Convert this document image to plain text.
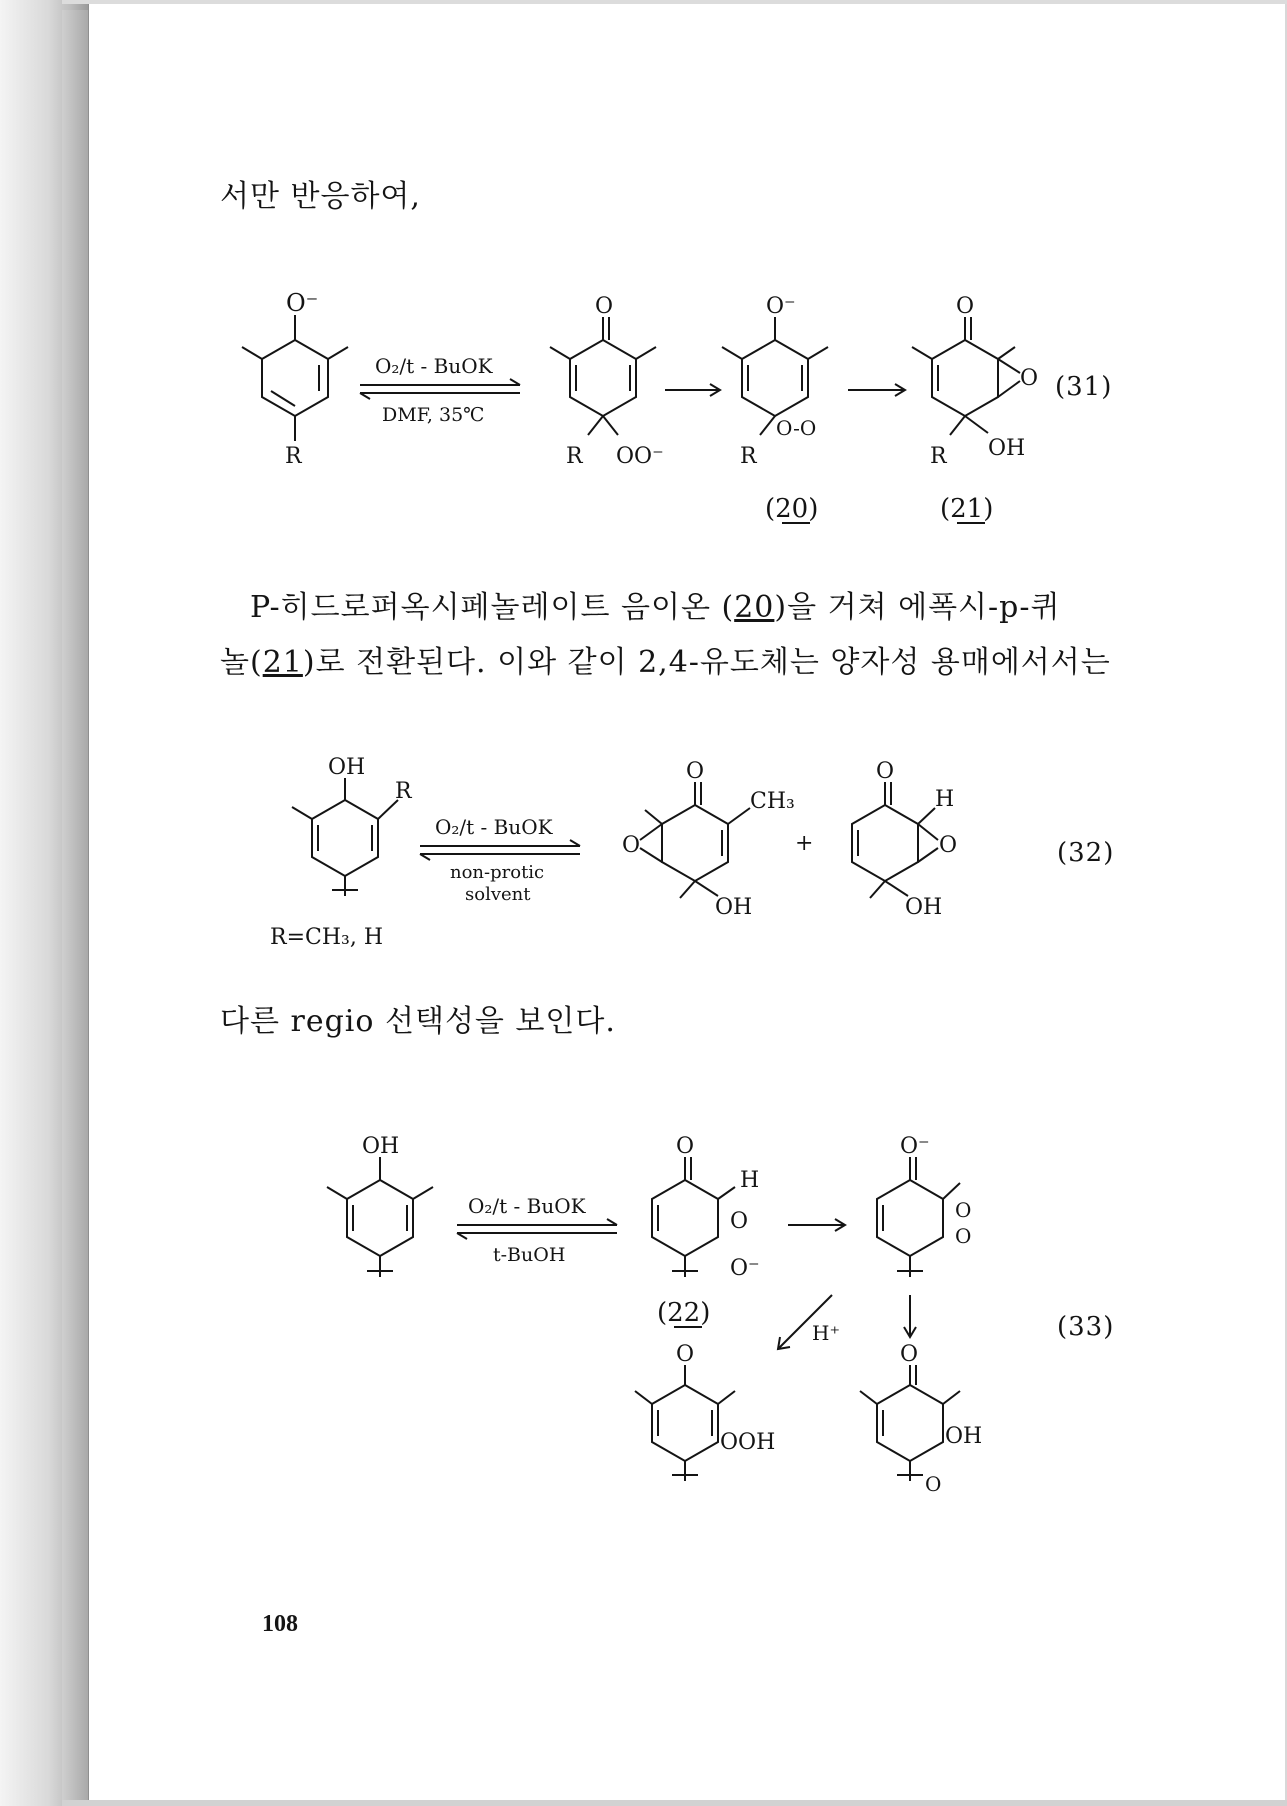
서만 반응하여,
P-히드로퍼옥시페놀레이트 음이온 (20)을 거쳐 에폭시-p-퀴
놀(21)로 전환된다. 이와 같이 2,4-유도체는 양자성 용매에서서는
다른 regio 선택성을 보인다.
O⁻
R
O₂/t - BuOK
DMF, 35℃
O
R OO⁻
O⁻
R
O-O
O
O
R OH
(20)	(21)
(31)
OH
R
R=CH₃, H
O₂/t - BuOK
non-protic
solvent
O
CH₃
O
OH
+
O
H
O
OH
(32)
OH
O₂/t - BuOK
t-BuOH
O
H
O
O⁻
(22)
O⁻
O
O
H⁺
O
OOH
O
OH
O
(33)
108
